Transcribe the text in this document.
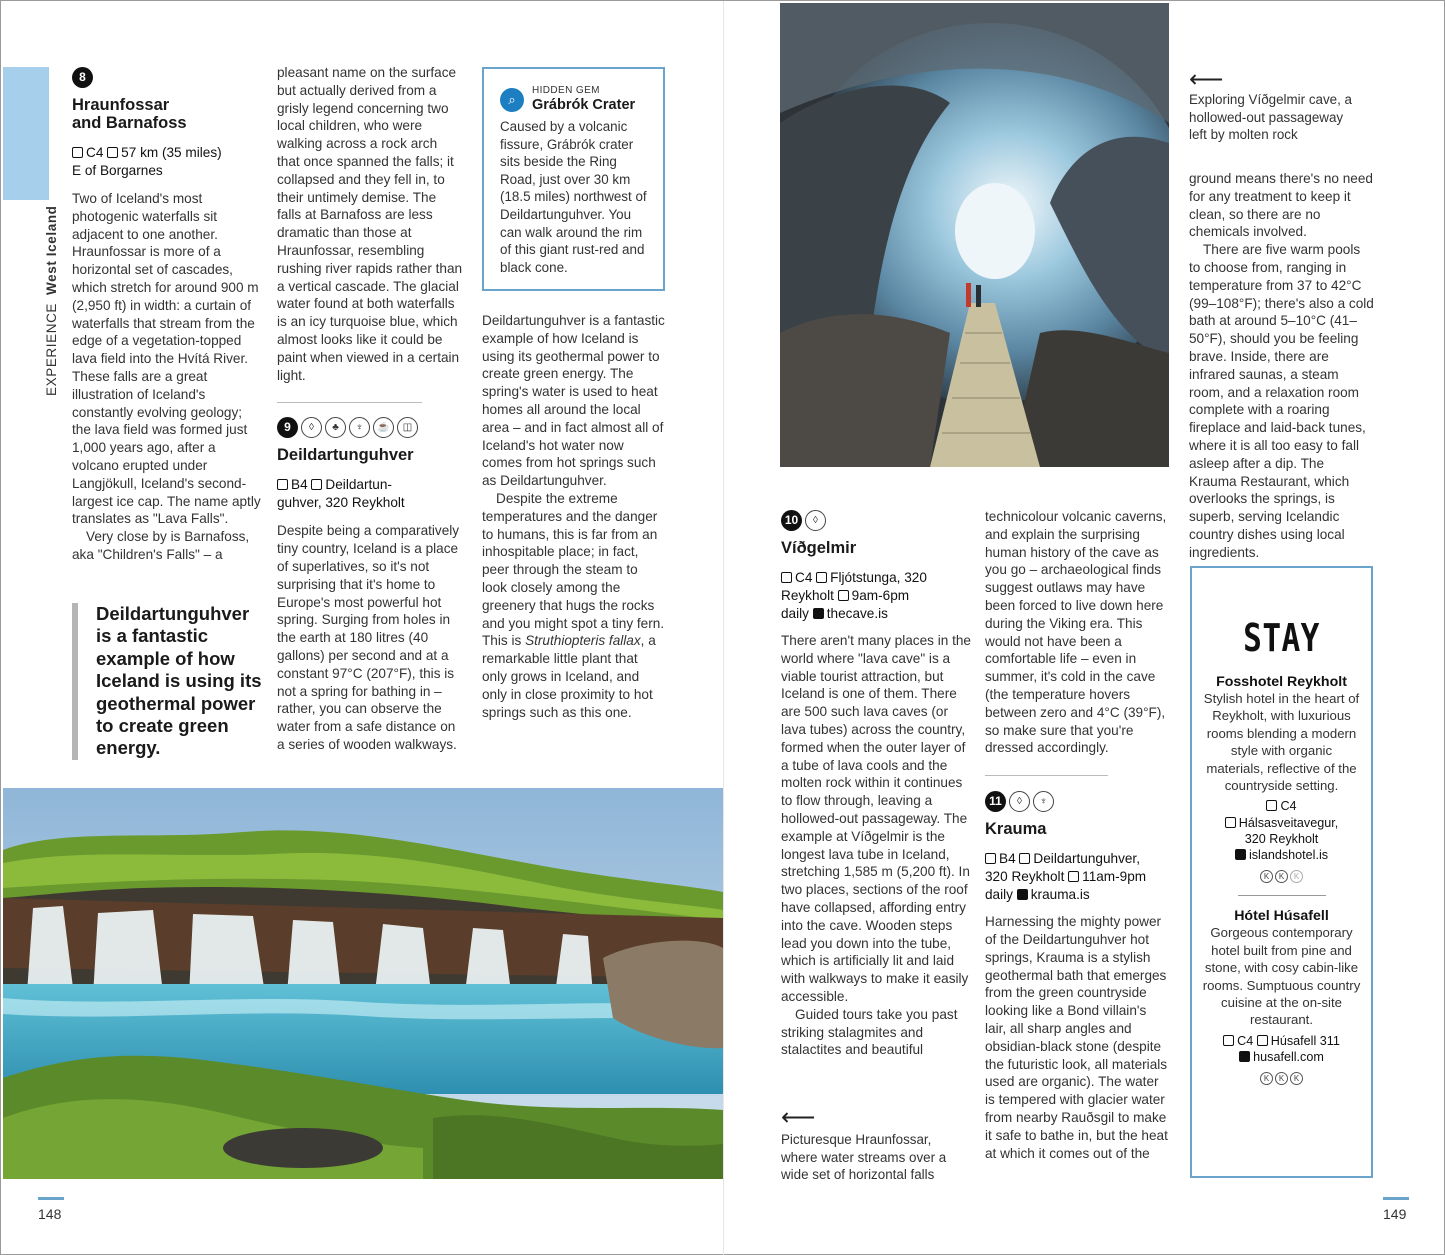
EXPERIENCEWest Iceland
8
Hraunfossar
and Barnafoss
C4 57 km (35 miles)
E of Borgarnes

Two of Iceland's most photogenic waterfalls sit adjacent to one another. Hraunfossar is more of a horizontal set of cascades, which stretch for around 900 m (2,950 ft) in width: a curtain of waterfalls that stream from the edge of a vegetation-topped lava field into the Hvítá River. These falls are a great illustration of Iceland's constantly evolving geology; the lava field was formed just 1,000 years ago, after a volcano erupted under Langjökull, Iceland's second-largest ice cap. The name aptly translates as "Lava Falls".

Very close by is Barnafoss, aka "Children's Falls" – a

Deildartunguhver is a fantastic example of how Iceland is using its geothermal power to create green energy.

pleasant name on the surface but actually derived from a grisly legend concerning two local children, who were walking across a rock arch that once spanned the falls; it collapsed and they fell in, to their untimely demise. The falls at Barnafoss are less dramatic than those at Hraunfossar, resembling rushing river rapids rather than a vertical cascade. The glacial water found at both waterfalls is an icy turquoise blue, which almost looks like it could be paint when viewed in a certain light.

9 ◊ ♣ ♆ ☕ ◫
Deildartunguhver
B4 Deildartun-
guhver, 320 Reykholt

Despite being a comparatively tiny country, Iceland is a place of superlatives, so it's not surprising that it's home to Europe's most powerful hot spring. Surging from holes in the earth at 180 litres (40 gallons) per second and at a constant 97°C (207°F), this is not a spring for bathing in – rather, you can observe the water from a safe distance on a series of wooden walkways.

⌕
HIDDEN GEM
Grábrók Crater
Caused by a volcanic fissure, Grábrók crater sits beside the Ring Road, just over 30 km (18.5 miles) northwest of Deildartunguhver. You can walk around the rim of this giant rust-red and black cone.

Deildartunguhver is a fantastic example of how Iceland is using its geothermal power to create green energy. The spring's water is used to heat homes all around the local area – and in fact almost all of Iceland's hot water now comes from hot springs such as Deildartunguhver.

Despite the extreme temperatures and the danger to humans, this is far from an inhospitable place; in fact, peer through the steam to look closely among the greenery that hugs the rocks and you might spot a tiny fern. This is Struthiopteris fallax, a remarkable little plant that only grows in Iceland, and only in close proximity to hot springs such as this one.

148
⟵
Exploring Víðgelmir cave, a hollowed-out passageway left by molten rock
10 ◊
Víðgelmir
C4 Fljótstunga, 320
Reykholt 9am-6pm
daily thecave.is

There aren't many places in the world where "lava cave" is a viable tourist attraction, but Iceland is one of them. There are 500 such lava caves (or lava tubes) across the country, formed when the outer layer of a tube of lava cools and the molten rock within it continues to flow through, leaving a hollowed-out passageway. The example at Víðgelmir is the longest lava tube in Iceland, stretching 1,585 m (5,200 ft). In two places, sections of the roof have collapsed, affording entry into the cave. Wooden steps lead you down into the tube, which is artificially lit and laid with walkways to make it easily accessible.

Guided tours take you past striking stalagmites and stalactites and beautiful

⟵
Picturesque Hraunfossar, where water streams over a wide set of horizontal falls

technicolour volcanic caverns, and explain the surprising human history of the cave as you go – archaeological finds suggest outlaws may have been forced to live down here during the Viking era. This would not have been a comfortable life – even in summer, it's cold in the cave (the temperature hovers between zero and 4°C (39°F), so make sure that you're dressed accordingly.

11 ◊ ♆
Krauma
B4 Deildartunguhver,
320 Reykholt 11am-9pm
daily krauma.is

Harnessing the mighty power of the Deildartunguhver hot springs, Krauma is a stylish geothermal bath that emerges from the green countryside looking like a Bond villain's lair, all sharp angles and obsidian-black stone (despite the futuristic look, all materials used are organic). The water is tempered with glacier water from nearby Rauðsgil to make it safe to bathe in, but the heat at which it comes out of the

ground means there's no need for any treatment to keep it clean, so there are no chemicals involved.

There are five warm pools to choose from, ranging in temperature from 37 to 42°C (99–108°F); there's also a cold bath at around 5–10°C (41–50°F), should you be feeling brave. Inside, there are infrared saunas, a steam room, and a relaxation room complete with a roaring fireplace and laid-back tunes, where it is all too easy to fall asleep after a dip. The Krauma Restaurant, which overlooks the springs, is superb, serving Icelandic country dishes using local ingredients.

STAY
Fosshotel Reykholt
Stylish hotel in the heart of Reykholt, with luxurious rooms blending a modern style with organic materials, reflective of the countryside setting.
C4
Hálsasveitavegur,
320 Reykholt
islandshotel.is
K K K
Hótel Húsafell
Gorgeous contemporary hotel built from pine and stone, with cosy cabin-like rooms. Sumptuous country cuisine at the on-site restaurant.
C4 Húsafell 311
husafell.com
K K K
149
